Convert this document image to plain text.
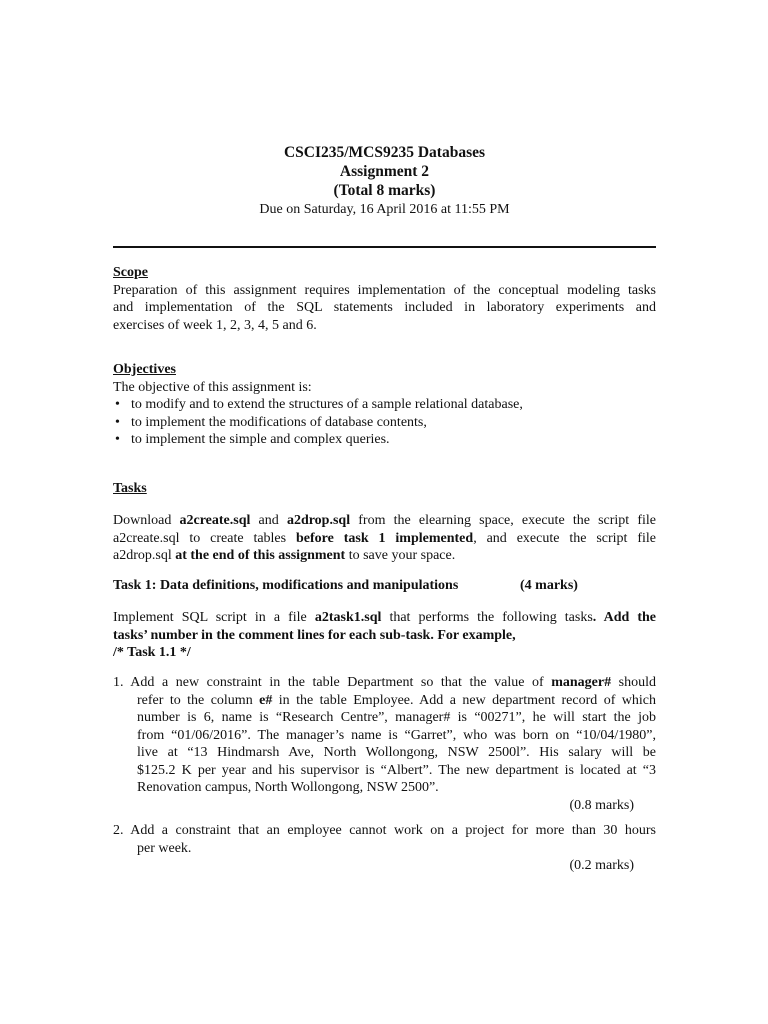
CSCI235/MCS9235 Databases
Assignment 2
(Total 8 marks)
Due on Saturday, 16 April 2016 at 11:55 PM
Scope
Preparation of this assignment requires implementation of the conceptual modeling tasks
and implementation of the SQL statements included in laboratory experiments and
exercises of week 1, 2, 3, 4, 5 and 6.
Objectives
The objective of this assignment is:
• to modify and to extend the structures of a sample relational database,
• to implement the modifications of database contents,
• to implement the simple and complex queries.
Tasks
Download a2create.sql and a2drop.sql from the elearning space, execute the script file
a2create.sql to create tables before task 1 implemented, and execute the script file
a2drop.sql at the end of this assignment to save your space.
Task 1: Data definitions, modifications and manipulations	(4 marks)
Implement SQL script in a file a2task1.sql that performs the following tasks. Add the
tasks’ number in the comment lines for each sub-task. For example,
/* Task 1.1 */
1. Add a new constraint in the table Department so that the value of manager# should
refer to the column e# in the table Employee. Add a new department record of which
number is 6, name is “Research Centre”, manager# is “00271”, he will start the job
from “01/06/2016”. The manager’s name is “Garret”, who was born on “10/04/1980”,
live at “13 Hindmarsh Ave, North Wollongong, NSW 2500l”. His salary will be
$125.2 K per year and his supervisor is “Albert”. The new department is located at “3
Renovation campus, North Wollongong, NSW 2500”.
(0.8 marks)
2. Add a constraint that an employee cannot work on a project for more than 30 hours
per week.
(0.2 marks)
